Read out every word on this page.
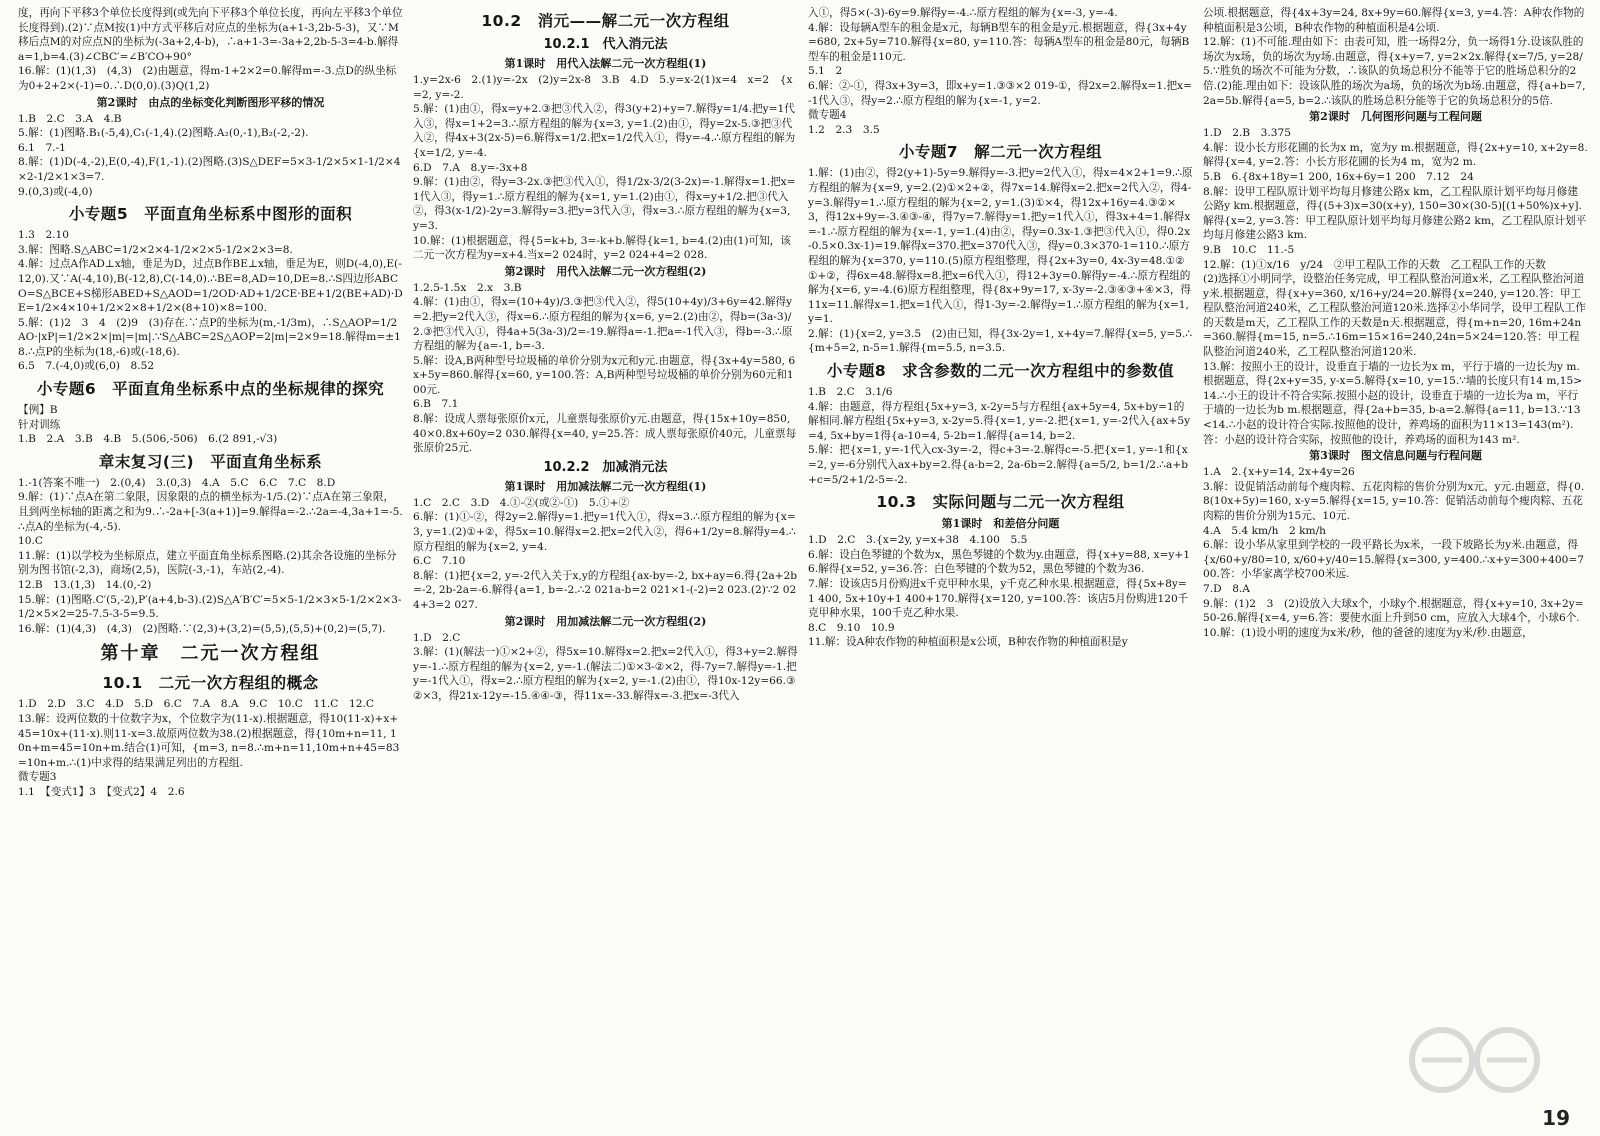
度，再向下平移3个单位长度得到(或先向下平移3个单位长度，再向左平移3个单位长度得到).(2)∵点M按(1)中方式平移后对应点的坐标为(a+1-3,2b-5-3)，又∵M移后点M的对应点N的坐标为(-3a+2,4-b)，∴a+1-3=-3a+2,2b-5-3=4-b.解得a=1,b=4.(3)∠CBC′=∠B′CO+90°

16.解：(1)(1,3)　(4,3)　(2)由题意，得m-1+2×2=0.解得m=-3.点D的纵坐标为0+2+2×(-1)=0.∴D(0,0).(3)Q(1,2)

第2课时　由点的坐标变化判断图形平移的情况

1.B　2.C　3.A　4.B

5.解：(1)图略.B₁(-5,4),C₁(-1,4).(2)图略.A₂(0,-1),B₂(-2,-2).

6.1　7.-1

8.解：(1)D(-4,-2),E(0,-4),F(1,-1).(2)图略.(3)S△DEF=5×3-1/2×5×1-1/2×4×2-1/2×1×3=7.

9.(0,3)或(-4,0)

小专题5　平面直角坐标系中图形的面积

1.3　2.10

3.解：图略.S△ABC=1/2×2×4-1/2×2×5-1/2×2×3=8.

4.解：过点A作AD⊥x轴，垂足为D，过点B作BE⊥x轴，垂足为E，则D(-4,0),E(-12,0).又∵A(-4,10),B(-12,8),C(-14,0).∴BE=8,AD=10,DE=8.∴S四边形ABCO=S△BCE+S梯形ABED+S△AOD=1/2OD·AD+1/2CE·BE+1/2(BE+AD)·DE=1/2×4×10+1/2×2×8+1/2×(8+10)×8=100.

5.解：(1)2　3　4　(2)9　(3)存在.∵点P的坐标为(m,-1/3m)，∴S△AOP=1/2AO·|xP|=1/2×2×|m|=|m|.∵S△ABC=2S△AOP=2|m|=2×9=18.解得m=±18.∴点P的坐标为(18,-6)或(-18,6).

6.5　7.(-4,0)或(6,0)　8.52

小专题6　平面直角坐标系中点的坐标规律的探究

【例】B

针对训练

1.B　2.A　3.B　4.B　5.(506,-506)　6.(2 891,-√3)

章末复习(三)　平面直角坐标系

1.-1(答案不唯一)　2.(0,4)　3.(0,3)　4.A　5.C　6.C　7.C　8.D

9.解：(1)∵点A在第二象限，因象限的点的横坐标为-1/5.(2)∵点A在第三象限，且到两坐标轴的距离之和为9.∴-2a+[-3(a+1)]=9.解得a=-2.∴2a=-4,3a+1=-5.∴点A的坐标为(-4,-5).

10.C

11.解：(1)以学校为坐标原点，建立平面直角坐标系图略.(2)其余各设施的坐标分别为图书馆(-2,3)，商场(2,5)，医院(-3,-1)，车站(2,-4).

12.B　13.(1,3)　14.(0,-2)

15.解：(1)图略.C′(5,-2),P′(a+4,b-3).(2)S△A′B′C′=5×5-1/2×3×5-1/2×2×3-1/2×5×2=25-7.5-3-5=9.5.

16.解：(1)(4,3)　(4,3)　(2)图略.∵(2,3)+(3,2)=(5,5),(5,5)+(0,2)=(5,7).

第十章　二元一次方程组
10.1　二元一次方程组的概念

1.D　2.D　3.C　4.D　5.D　6.C　7.A　8.A　9.C　10.C　11.C　12.C

13.解：设两位数的十位数字为x，个位数字为(11-x).根据题意，得10(11-x)+x+45=10x+(11-x).则11-x=3.故原两位数为38.(2)根据题意，得{10m+n=11, 10n+m=45=10n+m.结合(1)可知，{m=3, n=8.∴m+n=11,10m+n+45=83=10n+m.∴(1)中求得的结果满足列出的方程组.

微专题3

1.1　【变式1】3　【变式2】4　2.6

10.2　消元——解二元一次方程组
10.2.1　代入消元法
第1课时　用代入法解二元一次方程组(1)

1.y=2x-6　2.(1)y=-2x　(2)y=2x-8　3.B　4.D　5.y=x-2(1)x=4　x=2　{x=2, y=-2.

5.解：(1)由①，得x=y+2.③把③代入②，得3(y+2)+y=7.解得y=1/4.把y=1代入③，得x=1+2=3.∴原方程组的解为{x=3, y=1.(2)由①，得y=2x-5.③把③代入②，得4x+3(2x-5)=6.解得x=1/2.把x=1/2代入①，得y=-4.∴原方程组的解为{x=1/2, y=-4.

6.D　7.A　8.y=-3x+8

9.解：(1)由②，得y=3-2x.③把③代入①，得1/2x-3/2(3-2x)=-1.解得x=1.把x=1代入③，得y=1.∴原方程组的解为{x=1, y=1.(2)由①，得x=y+1/2.把③代入②，得3(x-1/2)-2y=3.解得y=3.把y=3代入③，得x=3.∴原方程组的解为{x=3, y=3.

10.解：(1)根据题意，得{5=k+b, 3=-k+b.解得{k=1, b=4.(2)由(1)可知，该二元一次方程为y=x+4.当x=2 024时，y=2 024+4=2 028.

第2课时　用代入法解二元一次方程组(2)

1.2.5-1.5x　2.x　3.B

4.解：(1)由①，得x=(10+4y)/3.③把③代入②，得5(10+4y)/3+6y=42.解得y=2.把y=2代入③，得x=6.∴原方程组的解为{x=6, y=2.(2)由②，得b=(3a-3)/2.③把③代入①，得4a+5(3a-3)/2=-19.解得a=-1.把a=-1代入③，得b=-3.∴原方程组的解为{a=-1, b=-3.

5.解：设A,B两种型号垃圾桶的单价分别为x元和y元.由题意，得{3x+4y=580, 6x+5y=860.解得{x=60, y=100.答：A,B两种型号垃圾桶的单价分别为60元和100元.

6.B　7.1

8.解：设成人票每张原价x元，儿童票每张原价y元.由题意，得{15x+10y=850, 40×0.8x+60y=2 030.解得{x=40, y=25.答：成人票每张原价40元，儿童票每张原价25元.

10.2.2　加减消元法
第1课时　用加减法解二元一次方程组(1)

1.C　2.C　3.D　4.①-②(或②-①)　5.①+②

6.解：(1)①-②，得2y=2.解得y=1.把y=1代入①，得x=3.∴原方程组的解为{x=3, y=1.(2)①+②，得5x=10.解得x=2.把x=2代入②，得6+1/2y=8.解得y=4.∴原方程组的解为{x=2, y=4.

6.C　7.10

8.解：(1)把{x=2, y=-2代入关于x,y的方程组{ax-by=-2, bx+ay=6.得{2a+2b=-2, 2b-2a=-6.解得{a=1, b=-2.∴2 021a-b=2 021×1-(-2)=2 023.(2)∵2 024+3=2 027.

第2课时　用加减法解二元一次方程组(2)

1.D　2.C

3.解：(1)(解法一)①×2+②，得5x=10.解得x=2.把x=2代入①，得3+y=2.解得y=-1.∴原方程组的解为{x=2, y=-1.(解法二)①×3-②×2，得-7y=7.解得y=-1.把y=-1代入①，得x=2.∴原方程组的解为{x=2, y=-1.(2)由①，得10x-12y=66.③②×3，得21x-12y=-15.④④-③，得11x=-33.解得x=-3.把x=-3代入

入①，得5×(-3)-6y=9.解得y=-4.∴原方程组的解为{x=-3, y=-4.

4.解：设每辆A型车的租金是x元，每辆B型车的租金是y元.根据题意，得{3x+4y=680, 2x+5y=710.解得{x=80, y=110.答：每辆A型车的租金是80元，每辆B型车的租金是110元.

5.1　2

6.解：②-①，得3x+3y=3，即x+y=1.③③×2 019-①，得2x=2.解得x=1.把x=-1代入③，得y=2.∴原方程组的解为{x=-1, y=2.

微专题4

1.2　2.3　3.5

小专题7　解二元一次方程组

1.解：(1)由②，得2(y+1)-5y=9.解得y=-3.把y=2代入①，得x=4×2+1=9.∴原方程组的解为{x=9, y=2.(2)①×2+②，得7x=14.解得x=2.把x=2代入②，得4-y=3.解得y=1.∴原方程组的解为{x=2, y=1.(3)①×4，得12x+16y=4.③②×3，得12x+9y=-3.④③-④，得7y=7.解得y=1.把y=1代入①，得3x+4=1.解得x=-1.∴原方程组的解为{x=-1, y=1.(4)由②，得y=0.3x-1.③把③代入①，得0.2x-0.5×0.3x-1)=19.解得x=370.把x=370代入③，得y=0.3×370-1=110.∴原方程组的解为{x=370, y=110.(5)原方程组整理，得{2x+3y=0, 4x-3y=48.①②①+②，得6x=48.解得x=8.把x=6代入①，得12+3y=0.解得y=-4.∴原方程组的解为{x=6, y=-4.(6)原方程组整理，得{8x+9y=17, x-3y=-2.③④③+④×3，得11x=11.解得x=1.把x=1代入①，得1-3y=-2.解得y=1.∴原方程组的解为{x=1, y=1.

2.解：(1){x=2, y=3.5　(2)由已知，得{3x-2y=1, x+4y=7.解得{x=5, y=5.∴{m+5=2, n-5=1.解得{m=5.5, n=3.5.

小专题8　求含参数的二元一次方程组中的参数值

1.B　2.C　3.1/6

4.解：由题意，得方程组{5x+y=3, x-2y=5与方程组{ax+5y=4, 5x+by=1的解相同.解方程组{5x+y=3, x-2y=5.得{x=1, y=-2.把{x=1, y=-2代入{ax+5y=4, 5x+by=1得{a-10=4, 5-2b=1.解得{a=14, b=2.

5.解：把{x=1, y=-1代入cx-3y=-2，得c+3=-2.解得c=-5.把{x=1, y=-1和{x=2, y=-6分别代入ax+by=2.得{a-b=2, 2a-6b=2.解得{a=5/2, b=1/2.∴a+b+c=5/2+1/2-5=-2.

10.3　实际问题与二元一次方程组
第1课时　和差倍分问题

1.D　2.C　3.{x=2y, y=x+38　4.100　5.5

6.解：设白色琴键的个数为x，黑色琴键的个数为y.由题意，得{x+y=88, x=y+16.解得{x=52, y=36.答：白色琴键的个数为52，黑色琴键的个数为36.

7.解：设该店5月份购进x千克甲种水果，y千克乙种水果.根据题意，得{5x+8y=1 400, 5x+10y+1 400+170.解得{x=120, y=100.答：该店5月份购进120千克甲种水果，100千克乙种水果.

8.C　9.10　10.9

11.解：设A种农作物的种植面积是x公顷，B种农作物的种植面积是y

公顷.根据题意，得{4x+3y=24, 8x+9y=60.解得{x=3, y=4.答：A种农作物的种植面积是3公顷，B种农作物的种植面积是4公顷.

12.解：(1)不可能.理由如下：由表可知，胜一场得2分，负一场得1分.设该队胜的场次为x场，负的场次为y场.由题意，得{x+y=7, y=2×2x.解得{x=7/5, y=28/5.∵胜负的场次不可能为分数，∴该队的负场总积分不能等于它的胜场总积分的2倍.(2)能.理由如下：设该队胜的场次为a场，负的场次为b场.由题意，得{a+b=7, 2a=5b.解得{a=5, b=2.∴该队的胜场总积分能等于它的负场总积分的5倍.

第2课时　几何图形问题与工程问题

1.D　2.B　3.375

4.解：设小长方形花圃的长为x m，宽为y m.根据题意，得{2x+y=10, x+2y=8.解得{x=4, y=2.答：小长方形花圃的长为4 m，宽为2 m.

5.B　6.{8x+18y=1 200, 16x+6y=1 200　7.12　24

8.解：设甲工程队原计划平均每月修建公路x km，乙工程队原计划平均每月修建公路y km.根据题意，得{(5+3)x=30(x+y), 150=30×(30-5)[(1+50%)x+y].解得{x=2, y=3.答：甲工程队原计划平均每月修建公路2 km，乙工程队原计划平均每月修建公路3 km.

9.B　10.C　11.-5

12.解：(1)①x/16　y/24　②甲工程队工作的天数　乙工程队工作的天数

(2)选择①小明同学，设整治任务完成，甲工程队整治河道x米，乙工程队整治河道y米.根据题意，得{x+y=360, x/16+y/24=20.解得{x=240, y=120.答：甲工程队整治河道240米，乙工程队整治河道120米.选择②小华同学，设甲工程队工作的天数是m天，乙工程队工作的天数是n天.根据题意，得{m+n=20, 16m+24n=360.解得{m=15, n=5.∴16m=15×16=240,24n=5×24=120.答：甲工程队整治河道240米，乙工程队整治河道120米.

13.解：按照小王的设计，设垂直于墙的一边长为x m，平行于墙的一边长为y m.根据题意，得{2x+y=35, y-x=5.解得{x=10, y=15.∵墙的长度只有14 m,15>14.∴小王的设计不符合实际.按照小赵的设计，设垂直于墙的一边长为a m，平行于墙的一边长为b m.根据题意，得{2a+b=35, b-a=2.解得{a=11, b=13.∵13<14.∴小赵的设计符合实际.按照他的设计，养鸡场的面积为11×13=143(m²).答：小赵的设计符合实际，按照他的设计，养鸡场的面积为143 m².

第3课时　图文信息问题与行程问题

1.A　2.{x+y=14, 2x+4y=26

3.解：设促销活动前每个瘦肉粽、五花肉粽的售价分别为x元、y元.由题意，得{0.8(10x+5y)=160, x-y=5.解得{x=15, y=10.答：促销活动前每个瘦肉粽、五花肉粽的售价分别为15元、10元.

4.A　5.4 km/h　2 km/h

6.解：设小华从家里到学校的一段平路长为x米，一段下坡路长为y米.由题意，得{x/60+y/80=10, x/60+y/40=15.解得{x=300, y=400.∴x+y=300+400=700.答：小华家离学校700米远.

7.D　8.A

9.解：(1)2　3　(2)设放入大球x个，小球y个.根据题意，得{x+y=10, 3x+2y=50-26.解得{x=4, y=6.答：要使水面上升到50 cm，应放入大球4个，小球6个.

10.解：(1)设小明的速度为x米/秒，他的爸爸的速度为y米/秒.由题意，

19
